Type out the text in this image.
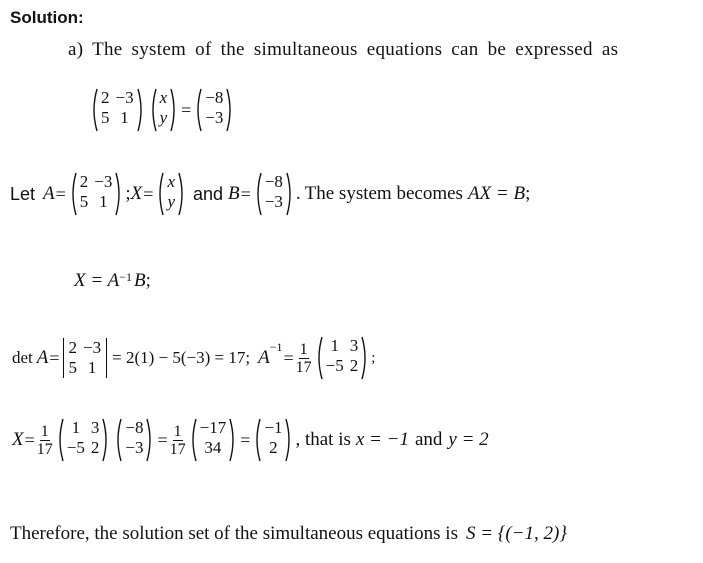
Solution:
a) The system of the simultaneous equations can be expressed as
2 −3
5 1
x
y =
−8
−3
Let A =
2 −3
5 1 ; X =
x
y and B =
−8
−3 . The system becomes AX = B ;
$X = A^{-1}$ B ;
det A = 2 −3
5 1
= 2(1) − 5(−3) = 17; $A^{-1}$
= $\frac{1}{17}$	1 3
−5 2 ;
$X = \frac{1}{17}$	1 3
−5 2
−8
$-3 = \frac{1}{17} -17$
34	=
−1
2 , that is x = −1 and y = 2
Therefore, the solution set of the simultaneous equations is S = {(−1, 2)}
